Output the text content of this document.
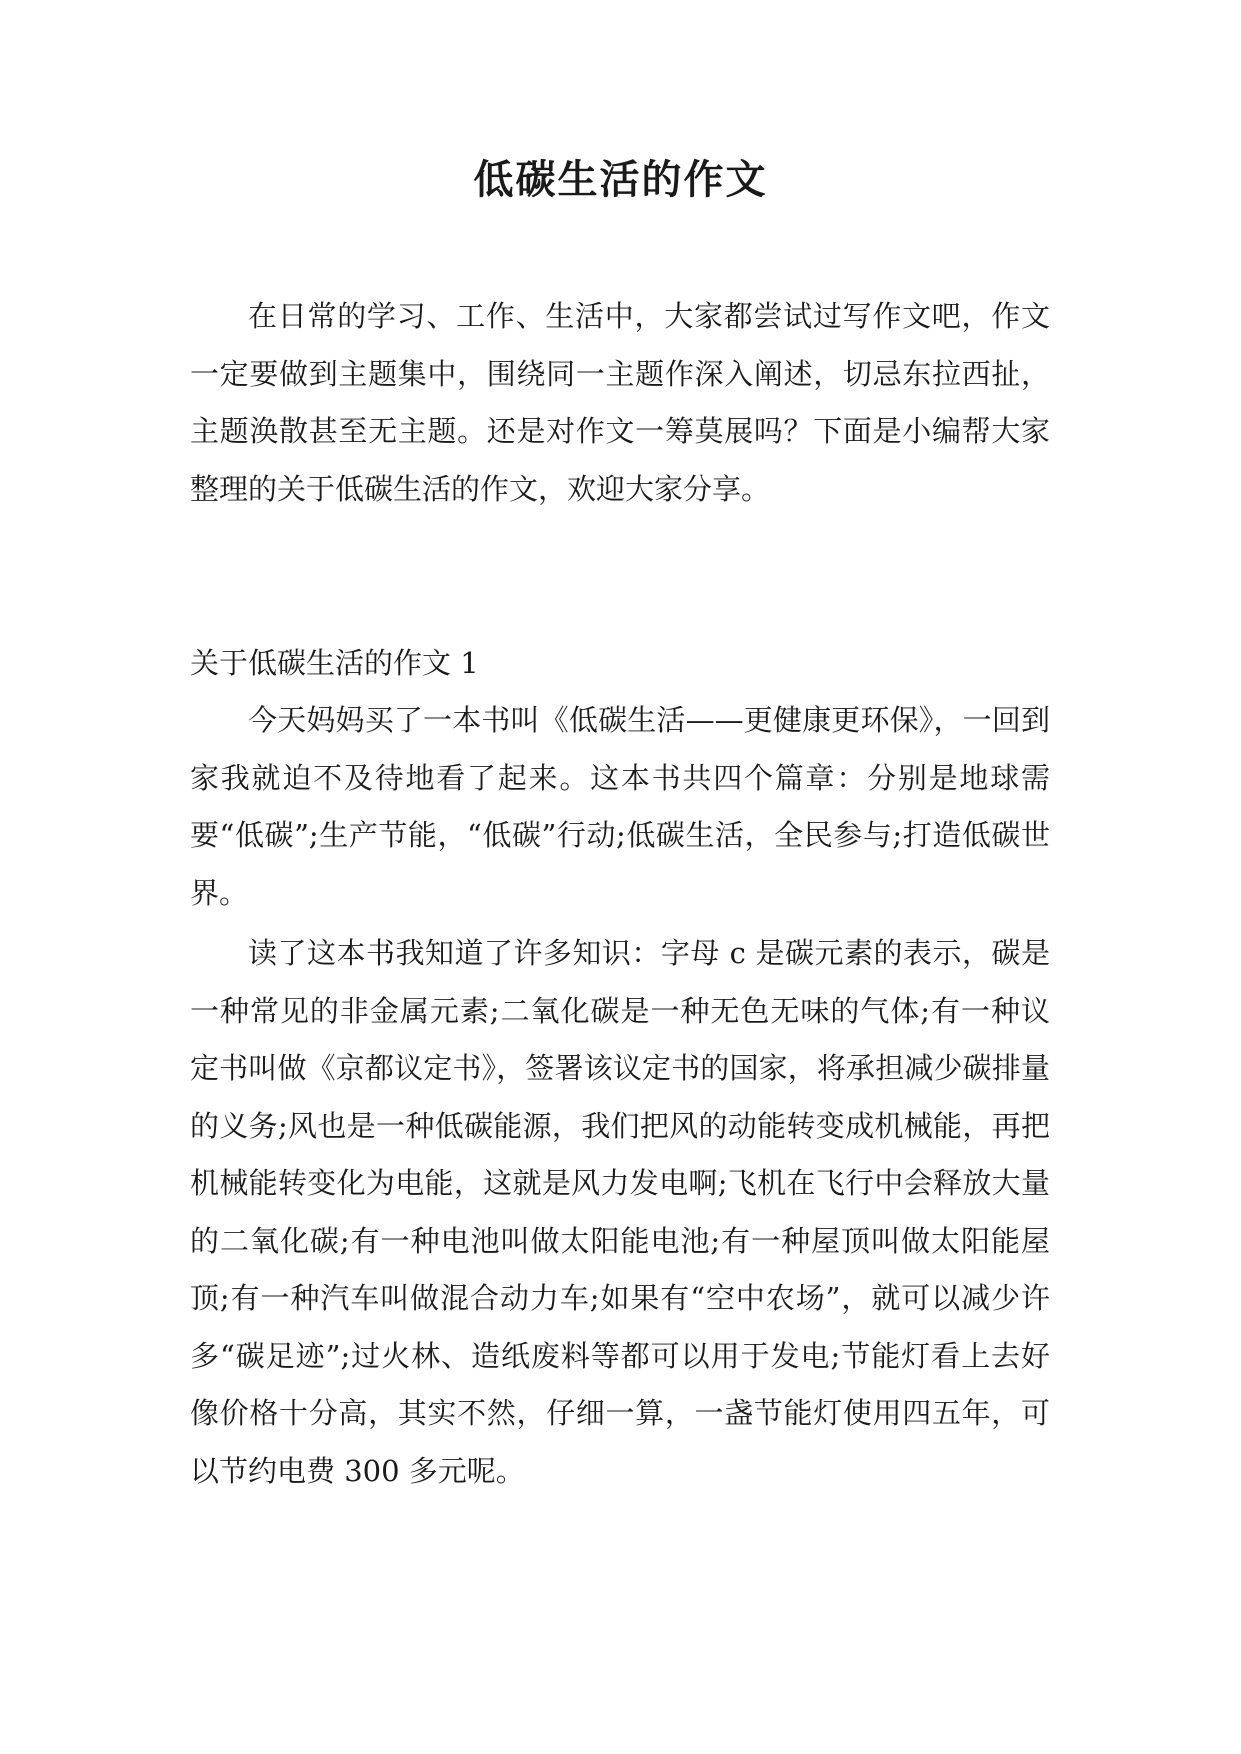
低碳生活的作文

在日常的学习、工作、生活中，大家都尝试过写作文吧，作文一定要做到主题集中，围绕同一主题作深入阐述，切忌东拉西扯，主题涣散甚至无主题。还是对作文一筹莫展吗？下面是小编帮大家整理的关于低碳生活的作文，欢迎大家分享。

关于低碳生活的作文 1

今天妈妈买了一本书叫《低碳生活——更健康更环保》，一回到家我就迫不及待地看了起来。这本书共四个篇章：分别是地球需要“低碳”;生产节能，“低碳”行动;低碳生活，全民参与;打造低碳世界。

读了这本书我知道了许多知识：字母 c 是碳元素的表示，碳是一种常见的非金属元素;二氧化碳是一种无色无味的气体;有一种议定书叫做《京都议定书》，签署该议定书的国家，将承担减少碳排量的义务;风也是一种低碳能源，我们把风的动能转变成机械能，再把机械能转变化为电能，这就是风力发电啊;飞机在飞行中会释放大量的二氧化碳;有一种电池叫做太阳能电池;有一种屋顶叫做太阳能屋顶;有一种汽车叫做混合动力车;如果有“空中农场”，就可以减少许多“碳足迹”;过火林、造纸废料等都可以用于发电;节能灯看上去好像价格十分高，其实不然，仔细一算，一盏节能灯使用四五年，可以节约电费 300 多元呢。
